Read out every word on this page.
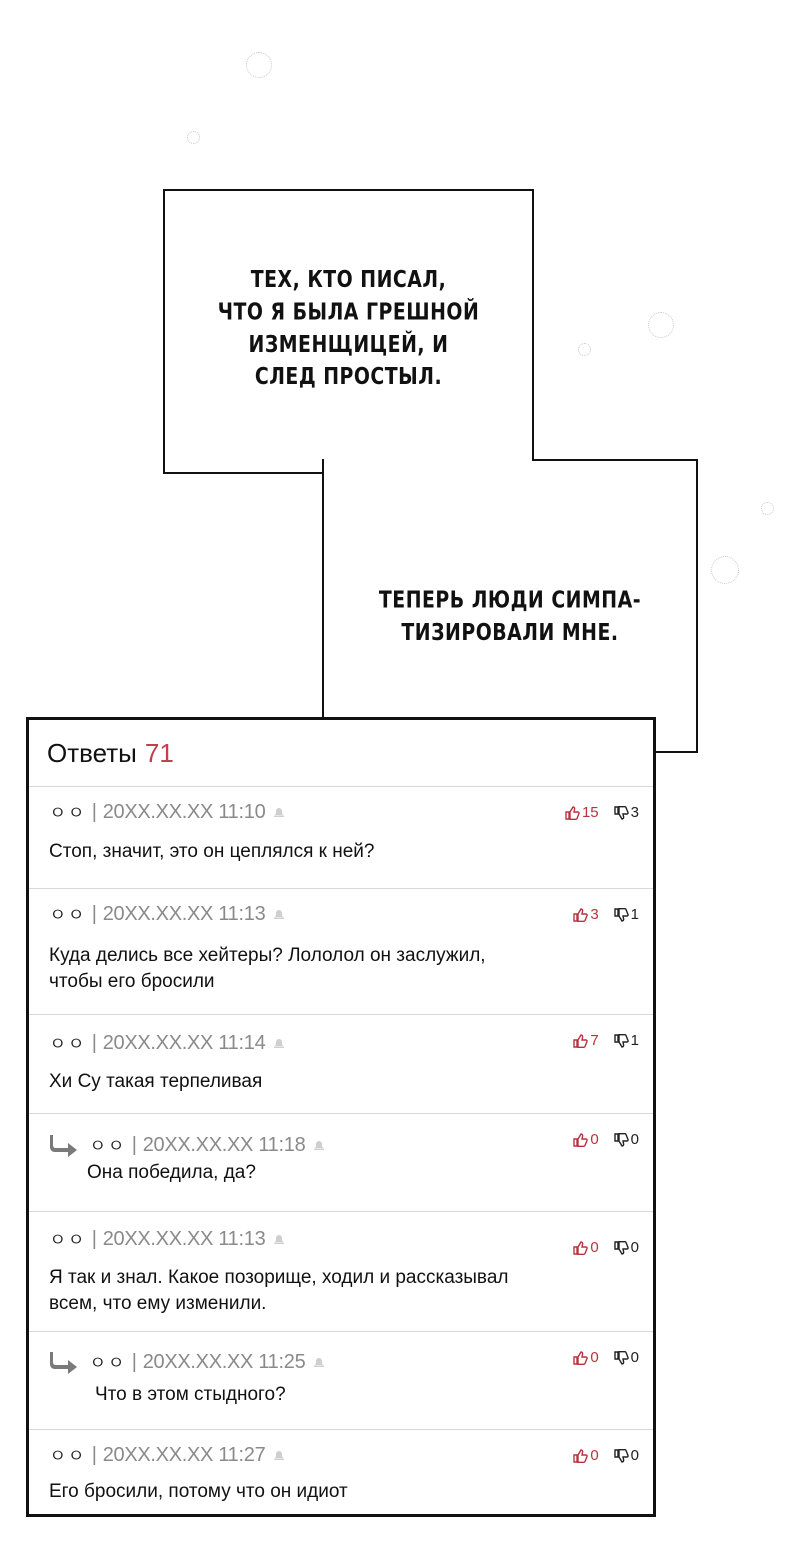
ТЕХ, КТО ПИСАЛ,
ЧТО Я БЫЛА ГРЕШНОЙ
ИЗМЕНЩИЦЕЙ, И
СЛЕД ПРОСТЫЛ.
ТЕПЕРЬ ЛЮДИ СИМПА-
ТИЗИРОВАЛИ МНЕ.
Ответы 71
ㅇㅇ | 20XX.XX.XX 11:10	15 3
Стоп, значит, это он цеплялся к ней?
ㅇㅇ | 20XX.XX.XX 11:13	3 1
Куда делись все хейтеры? Лололол он заслужил,
чтобы его бросили
ㅇㅇ | 20XX.XX.XX 11:14	7 1
Хи Су такая терпеливая
ㅇㅇ | 20XX.XX.XX 11:18	0 0
Она победила, да?
ㅇㅇ | 20XX.XX.XX 11:13	0 0
Я так и знал. Какое позорище, ходил и рассказывал
всем, что ему изменили.
ㅇㅇ | 20XX.XX.XX 11:25	0 0
Что в этом стыдного?
ㅇㅇ | 20XX.XX.XX 11:27	0 0
Его бросили, потому что он идиот
